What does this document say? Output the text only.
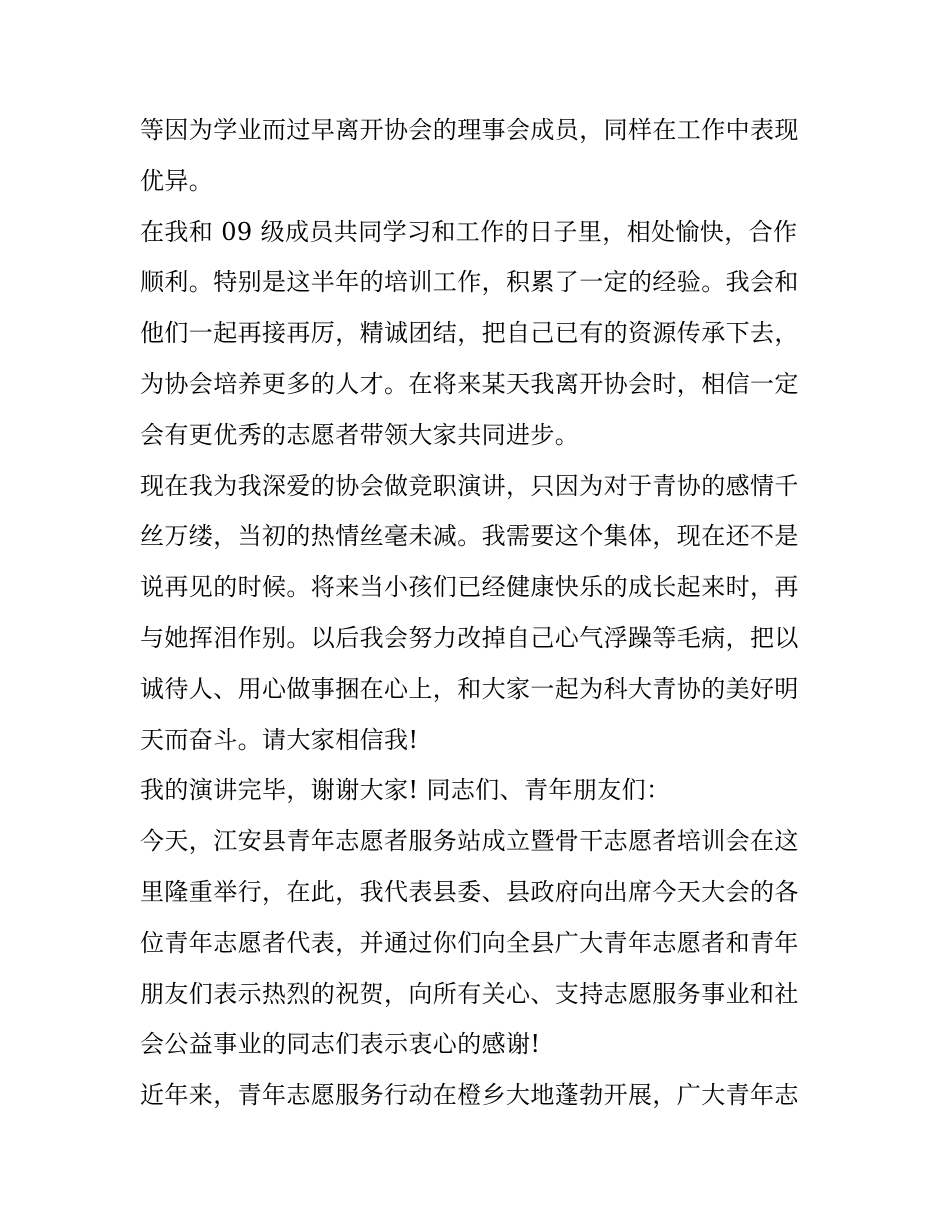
等因为学业而过早离开协会的理事会成员，同样在工作中表现
优异。

在我和 09 级成员共同学习和工作的日子里，相处愉快，合作
顺利。特别是这半年的培训工作，积累了一定的经验。我会和
他们一起再接再厉，精诚团结，把自己已有的资源传承下去，
为协会培养更多的人才。在将来某天我离开协会时，相信一定
会有更优秀的志愿者带领大家共同进步。

现在我为我深爱的协会做竞职演讲，只因为对于青协的感情千
丝万缕，当初的热情丝毫未减。我需要这个集体，现在还不是
说再见的时候。将来当小孩们已经健康快乐的成长起来时，再
与她挥泪作别。以后我会努力改掉自己心气浮躁等毛病，把以
诚待人、用心做事捆在心上，和大家一起为科大青协的美好明
天而奋斗。请大家相信我!

我的演讲完毕，谢谢大家! 同志们、青年朋友们：

今天，江安县青年志愿者服务站成立暨骨干志愿者培训会在这
里隆重举行，在此，我代表县委、县政府向出席今天大会的各
位青年志愿者代表，并通过你们向全县广大青年志愿者和青年
朋友们表示热烈的祝贺，向所有关心、支持志愿服务事业和社
会公益事业的同志们表示衷心的感谢!

近年来，青年志愿服务行动在橙乡大地蓬勃开展，广大青年志
